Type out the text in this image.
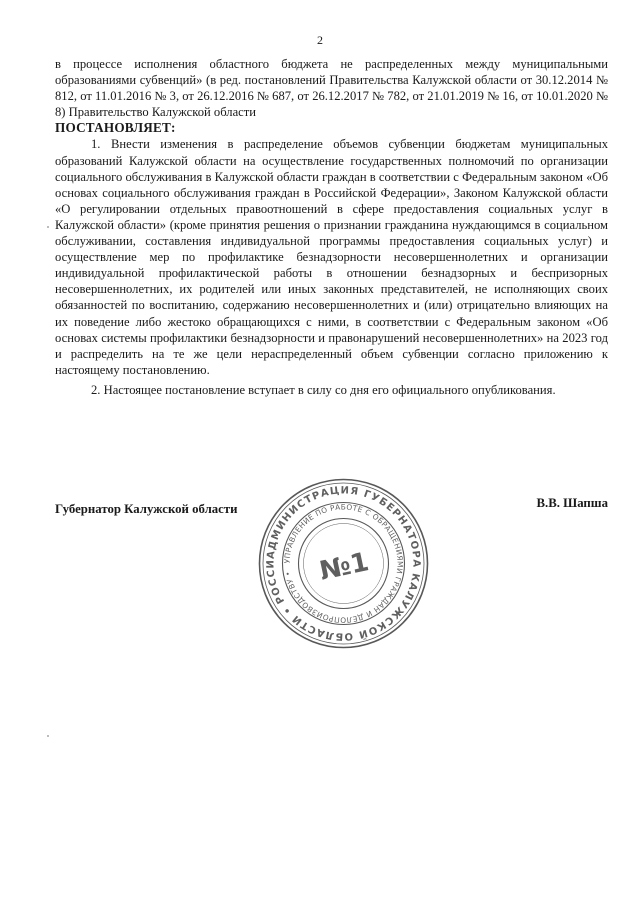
2

в процессе исполнения областного бюджета не распределенных между муниципальными образованиями субвенций» (в ред. постановлений Правительства Калужской области от 30.12.2014 № 812, от 11.01.2016 № 3, от 26.12.2016 № 687, от 26.12.2017 № 782, от 21.01.2019 № 16, от 10.01.2020 № 8) Правительство Калужской области

ПОСТАНОВЛЯЕТ:

1. Внести изменения в распределение объемов субвенции бюджетам муниципальных образований Калужской области на осуществление государственных полномочий по организации социального обслуживания в Калужской области граждан в соответствии с Федеральным законом «Об основах социального обслуживания граждан в Российской Федерации», Законом Калужской области «О регулировании отдельных правоотношений в сфере предоставления социальных услуг в Калужской области» (кроме принятия решения о признании гражданина нуждающимся в социальном обслуживании, составления индивидуальной программы предоставления социальных услуг) и осуществление мер по профилактике безнадзорности несовершеннолетних и организации индивидуальной профилактической работы в отношении безнадзорных и беспризорных несовершеннолетних, их родителей или иных законных представителей, не исполняющих своих обязанностей по воспитанию, содержанию несовершеннолетних и (или) отрицательно влияющих на их поведение либо жестоко обращающихся с ними, в соответствии с Федеральным законом «Об основах системы профилактики безнадзорности и правонарушений несовершеннолетних» на 2023 год и распределить на те же цели нераспределенный объем субвенции согласно приложению к настоящему постановлению.

2. Настоящее постановление вступает в силу со дня его официального опубликования.

Губернатор Калужской области	В.В. Шапша
АДМИНИСТРАЦИЯ ГУБЕРНАТОРА КАЛУЖСКОЙ ОБЛАСТИ • РОССИ УПРАВЛЕНИЕ ПО РАБОТЕ С ОБРАЩЕНИЯМИ ГРАЖДАН И ДЕЛОПРОИЗВОДСТВУ • №1
